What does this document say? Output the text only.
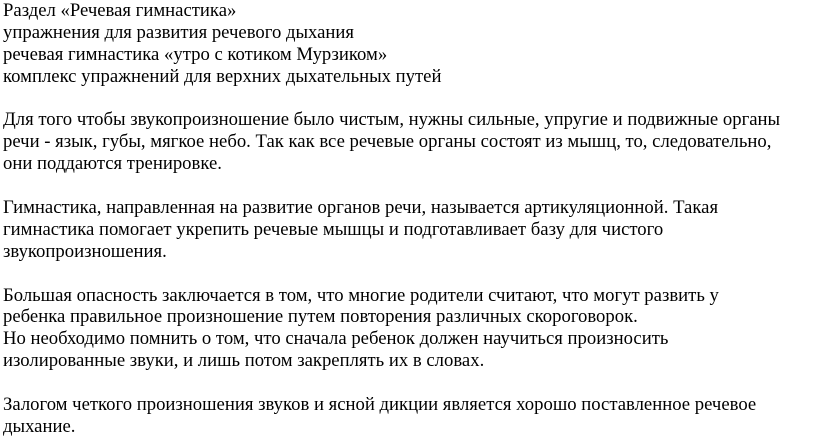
Раздел «Речевая гимнастика»
упражнения для развития речевого дыхания
речевая гимнастика «утро с котиком Мурзиком»
комплекс упражнений для верхних дыхательных путей
Для того чтобы звукопроизношение было чистым, нужны сильные, упругие и подвижные органы
речи - язык, губы, мягкое небо. Так как все речевые органы состоят из мышц, то, следовательно,
они поддаются тренировке.
Гимнастика, направленная на развитие органов речи, называется артикуляционной. Такая
гимнастика помогает укрепить речевые мышцы и подготавливает базу для чистого
звукопроизношения.
Большая опасность заключается в том, что многие родители считают, что могут развить у
ребенка правильное произношение путем повторения различных скороговорок.
Но необходимо помнить о том, что сначала ребенок должен научиться произносить
изолированные звуки, и лишь потом закреплять их в словах.
Залогом четкого произношения звуков и ясной дикции является хорошо поставленное речевое
дыхание.
